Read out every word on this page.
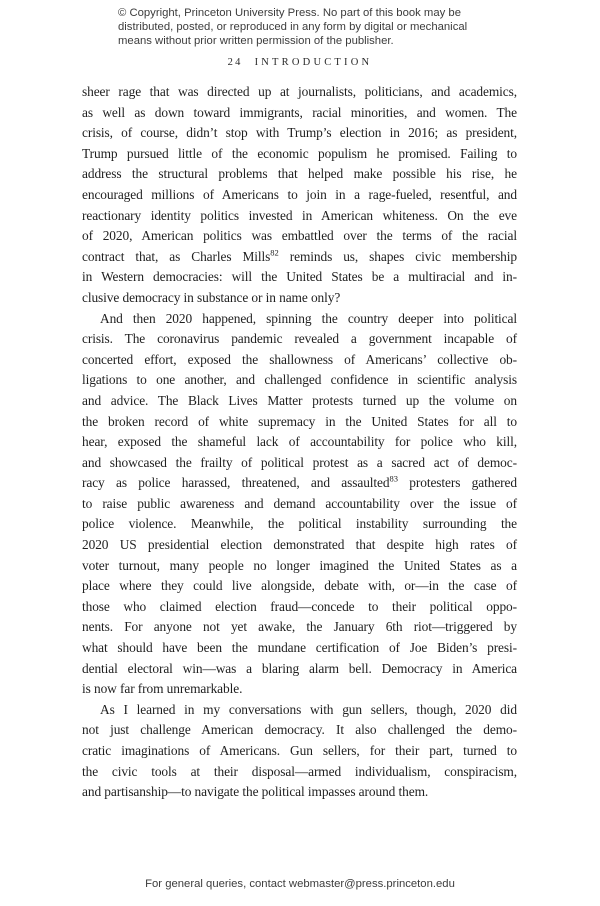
© Copyright, Princeton University Press. No part of this book may be
distributed, posted, or reproduced in any form by digital or mechanical
means without prior written permission of the publisher.
24 INTRODUCTION
sheer rage that was directed up at journalists, politicians, and academics,
as well as down toward immigrants, racial minorities, and women. The
crisis, of course, didn’t stop with Trump’s election in 2016; as president,
Trump pursued little of the economic populism he promised. Failing to
address the structural problems that helped make possible his rise, he
encouraged millions of Americans to join in a rage-fueled, resentful, and
reactionary identity politics invested in American whiteness. On the eve
of 2020, American politics was embattled over the terms of the racial
contract that, as Charles Mills$^{82}$ reminds us, shapes civic membership
in Western democracies: will the United States be a multiracial and in-
clusive democracy in substance or in name only?
And then 2020 happened, spinning the country deeper into political
crisis. The coronavirus pandemic revealed a government incapable of
concerted effort, exposed the shallowness of Americans’ collective ob-
ligations to one another, and challenged confidence in scientific analysis
and advice. The Black Lives Matter protests turned up the volume on
the broken record of white supremacy in the United States for all to
hear, exposed the shameful lack of accountability for police who kill,
and showcased the frailty of political protest as a sacred act of democ-
racy as police harassed, threatened, and assaulted$^{83}$ protesters gathered
to raise public awareness and demand accountability over the issue of
police violence. Meanwhile, the political instability surrounding the
2020 US presidential election demonstrated that despite high rates of
voter turnout, many people no longer imagined the United States as a
place where they could live alongside, debate with, or—in the case of
those who claimed election fraud—concede to their political oppo-
nents. For anyone not yet awake, the January 6th riot—triggered by
what should have been the mundane certification of Joe Biden’s presi-
dential electoral win—was a blaring alarm bell. Democracy in America
is now far from unremarkable.
As I learned in my conversations with gun sellers, though, 2020 did
not just challenge American democracy. It also challenged the demo-
cratic imaginations of Americans. Gun sellers, for their part, turned to
the civic tools at their disposal—armed individualism, conspiracism,
and partisanship—to navigate the political impasses around them.
For general queries, contact webmaster@press.princeton.edu
